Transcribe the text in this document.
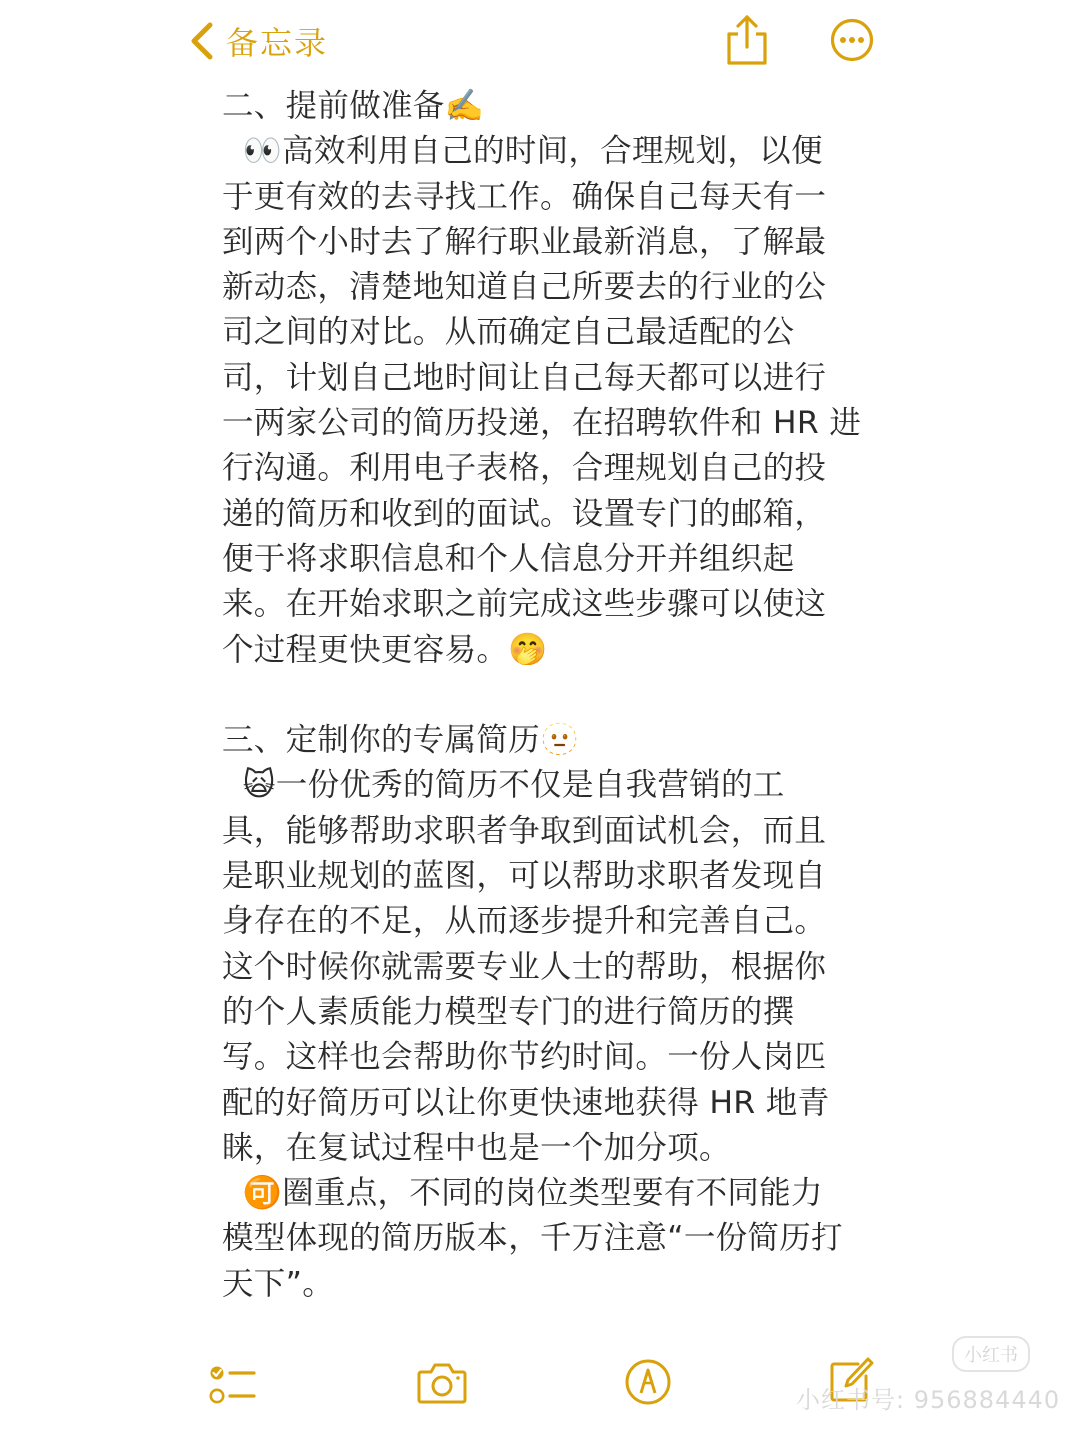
备忘录

二、提前做准备✍️

👀高效利用自己的时间，合理规划，以便

于更有效的去寻找工作。确保自己每天有一

到两个小时去了解行职业最新消息，了解最

新动态，清楚地知道自己所要去的行业的公

司之间的对比。从而确定自己最适配的公

司，计划自己地时间让自己每天都可以进行

一两家公司的简历投递，在招聘软件和 HR 进

行沟通。利用电子表格，合理规划自己的投

递的简历和收到的面试。设置专门的邮箱，

便于将求职信息和个人信息分开并组织起

来。在开始求职之前完成这些步骤可以使这

个过程更快更容易。🤭

三、定制你的专属简历🫥

🙀一份优秀的简历不仅是自我营销的工

具，能够帮助求职者争取到面试机会，而且

是职业规划的蓝图，可以帮助求职者发现自

身存在的不足，从而逐步提升和完善自己。

这个时候你就需要专业人士的帮助，根据你

的个人素质能力模型专门的进行简历的撰

写。这样也会帮助你节约时间。一份人岗匹

配的好简历可以让你更快速地获得 HR 地青

睐，在复试过程中也是一个加分项。

🉑圈重点，不同的岗位类型要有不同能力

模型体现的简历版本，千万注意“一份简历打

天下”。

小红书
小红书号: 956884440
